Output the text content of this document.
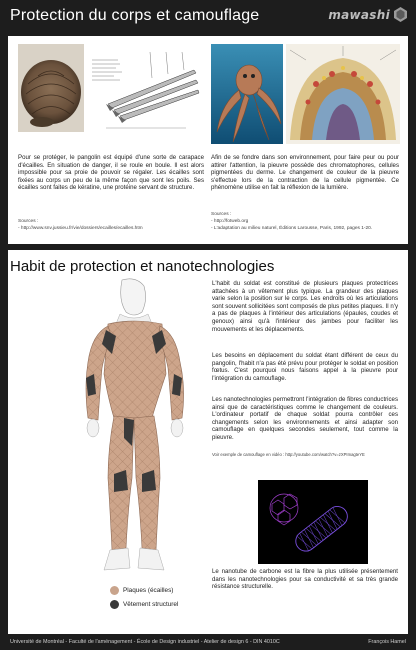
Protection du corps et camouflage	mawashi
Pour se protéger, le pangolin est équipé d'une sorte de carapace d'écailles. En situation de danger, il se roule en boule. Il est alors impossible pour sa proie de pouvoir se régaler. Les écailles sont fixées au corps un peu de la même façon que sont les poils. Ses écailles sont faites de kératine, une protéine servant de structure.
Sources :
- http://www.snv.jussieu.fr/vie/dossiers/ecailles/ecailles.htm
Afin de se fondre dans son environnement, pour faire peur ou pour attirer l'attention, la pieuvre possède des chromatophores, cellules pigmentées du derme. Le changement de couleur de la pieuvre s'effectue lors de la contraction de la cellule pigmentée. Ce phénomène utilise en fait la réflexion de la lumière.
Sources :
- http://fotweb.org
- L'adaptation au milieu naturel, Éditions Larousse, Paris, 1992, pages 1-20.
Plaques (écailles)
Vêtement structurel
L'habit du soldat est constitué de plusieurs plaques protectrices attachées à un vêtement plus typique. La grandeur des plaques varie selon la position sur le corps. Les endroits où les articulations sont souvent sollicitées sont composés de plus petites plaques. Il n'y a pas de plaques à l'intérieur des articulations (épaules, coudes et genoux) ainsi qu'à l'intérieur des jambes pour faciliter les mouvements et les déplacements.
Les besoins en déplacement du soldat étant différent de ceux du pangolin, l'habit n'a pas été prévu pour protéger le soldat en position fœtus. C'est pourquoi nous faisons appel à la pieuvre pour l'intégration du camouflage.
Les nanotechnologies permettront l'intégration de fibres conductrices ainsi que de caractéristiques comme le changement de couleurs. L'ordinateur portatif de chaque soldat pourra contrôler ces changements selon les environnements et ainsi adapter son camouflage en quelques secondes seulement, tout comme la pieuvre.
Voir exemple de camouflage en vidéo : http://youtube.com/watch?v=zXPImagteYE
Le nanotube de carbone est la fibre la plus utilisée présentement dans les nanotechnologies pour sa conductivité et sa très grande résistance structurelle.
Habit de protection et nanotechnologies
Université de Montréal - Faculté de l'aménagement - École de Design industriel - Atelier de design 6 - DIN 4010C	François Hamel
